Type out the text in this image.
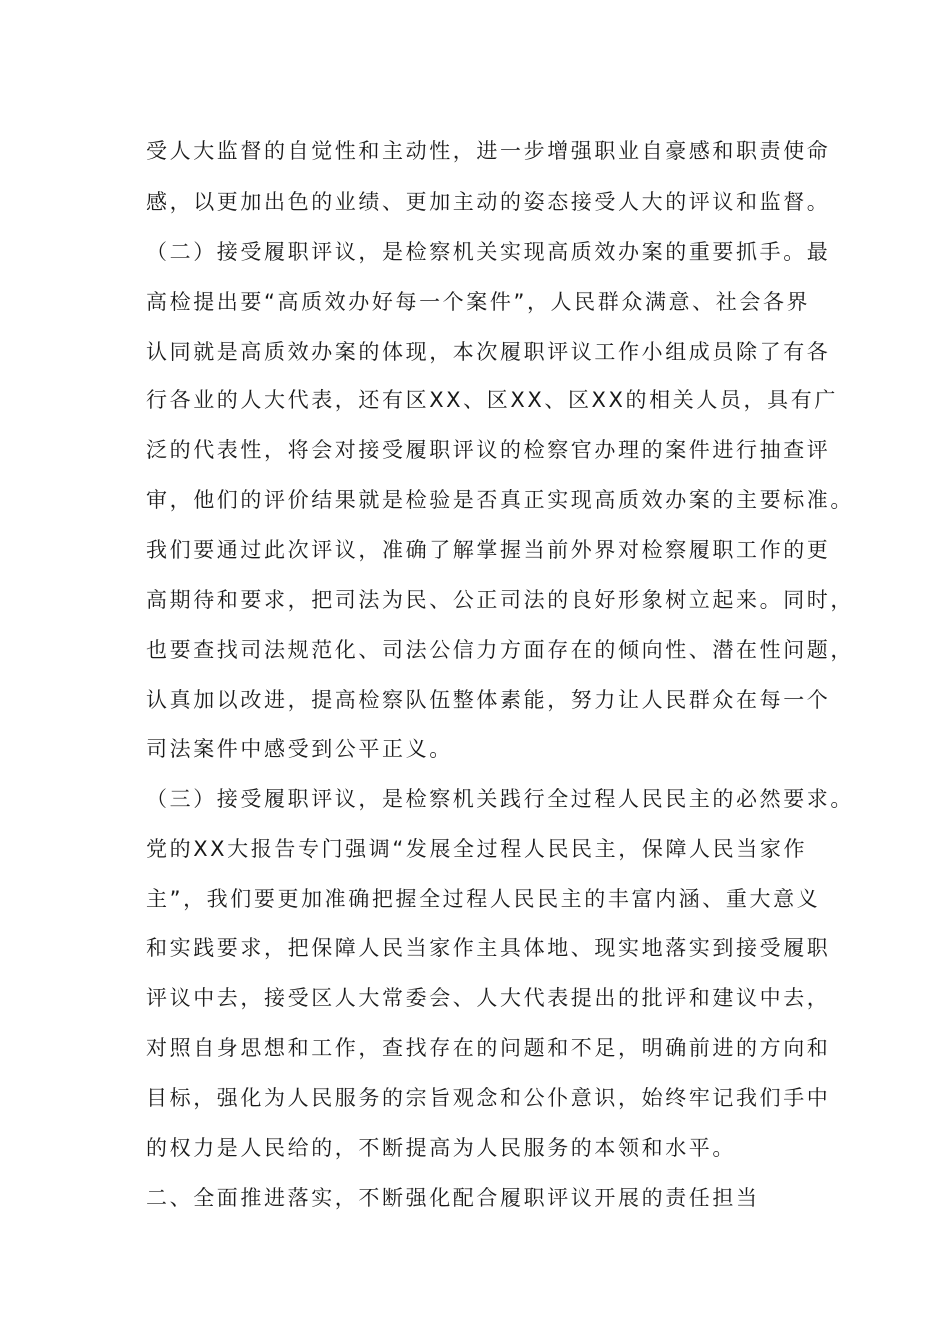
受人大监督的自觉性和主动性，进一步增强职业自豪感和职责使命
感，以更加出色的业绩、更加主动的姿态接受人大的评议和监督。
（二）接受履职评议，是检察机关实现高质效办案的重要抓手。最
高检提出要“高质效办好每一个案件”，人民群众满意、社会各界
认同就是高质效办案的体现，本次履职评议工作小组成员除了有各
行各业的人大代表，还有区XX、区XX、区XX的相关人员，具有广
泛的代表性，将会对接受履职评议的检察官办理的案件进行抽查评
审，他们的评价结果就是检验是否真正实现高质效办案的主要标准。
我们要通过此次评议，准确了解掌握当前外界对检察履职工作的更
高期待和要求，把司法为民、公正司法的良好形象树立起来。同时，
也要查找司法规范化、司法公信力方面存在的倾向性、潜在性问题，
认真加以改进，提高检察队伍整体素能，努力让人民群众在每一个
司法案件中感受到公平正义。
（三）接受履职评议，是检察机关践行全过程人民民主的必然要求。
党的XX大报告专门强调“发展全过程人民民主，保障人民当家作
主”，我们要更加准确把握全过程人民民主的丰富内涵、重大意义
和实践要求，把保障人民当家作主具体地、现实地落实到接受履职
评议中去，接受区人大常委会、人大代表提出的批评和建议中去，
对照自身思想和工作，查找存在的问题和不足，明确前进的方向和
目标，强化为人民服务的宗旨观念和公仆意识，始终牢记我们手中
的权力是人民给的，不断提高为人民服务的本领和水平。
二、全面推进落实，不断强化配合履职评议开展的责任担当
